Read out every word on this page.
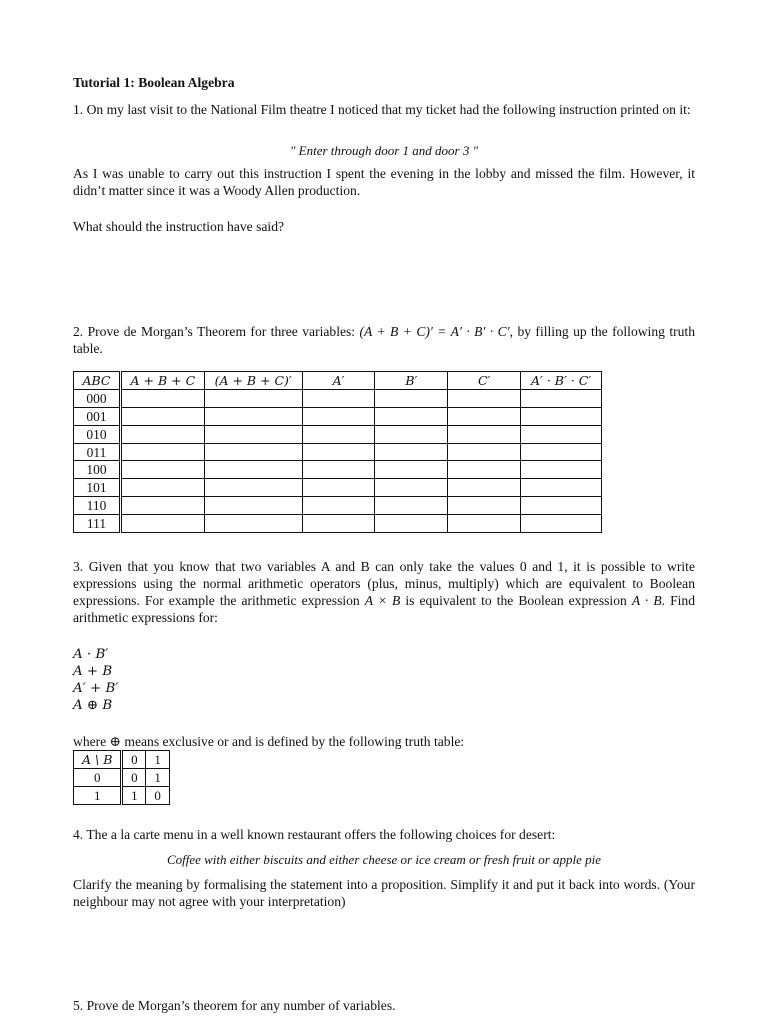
Tutorial 1: Boolean Algebra
1. On my last visit to the National Film theatre I noticed that my ticket had the following instruction printed on it:
" Enter through door 1 and door 3 "
As I was unable to carry out this instruction I spent the evening in the lobby and missed the film. However, it didn’t matter since it was a Woody Allen production.
What should the instruction have said?
2. Prove de Morgan’s Theorem for three variables: (A + B + C)′ = A′ · B′ · C′, by filling up the following truth table.
ABC	A + B + C	(A + B + C)′	A′	B′	C′	A′ · B′ · C′
000						
001						
010						
011						
100						
101						
110						
111						
3. Given that you know that two variables A and B can only take the values 0 and 1, it is possible to write expressions using the normal arithmetic operators (plus, minus, multiply) which are equivalent to Boolean expressions. For example the arithmetic expression A × B is equivalent to the Boolean expression A · B. Find arithmetic expressions for:
A · B′
A + B
A′ + B′
A ⊕ B
where ⊕ means exclusive or and is defined by the following truth table:
A \ B	0	1
0	0	1
1	1	0
4. The a la carte menu in a well known restaurant offers the following choices for desert:
Coffee with either biscuits and either cheese or ice cream or fresh fruit or apple pie
Clarify the meaning by formalising the statement into a proposition. Simplify it and put it back into words. (Your neighbour may not agree with your interpretation)
5. Prove de Morgan’s theorem for any number of variables.
